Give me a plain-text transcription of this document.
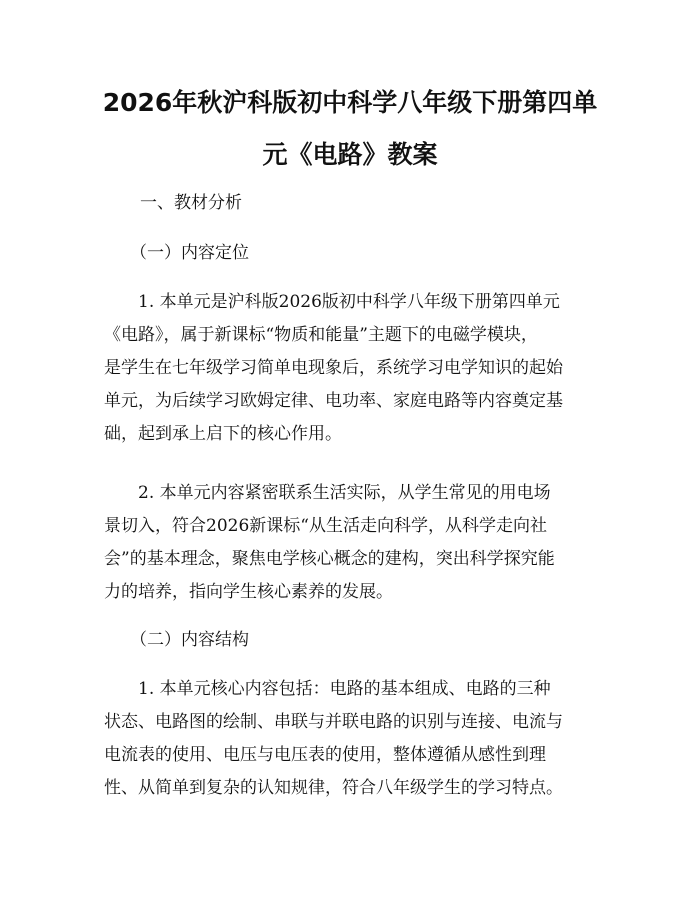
2026年秋沪科版初中科学八年级下册第四单
元《电路》教案
一、教材分析
（一）内容定位
1. 本单元是沪科版2026版初中科学八年级下册第四单元
《电路》，属于新课标“物质和能量”主题下的电磁学模块，
是学生在七年级学习简单电现象后，系统学习电学知识的起始
单元，为后续学习欧姆定律、电功率、家庭电路等内容奠定基
础，起到承上启下的核心作用。
2. 本单元内容紧密联系生活实际，从学生常见的用电场
景切入，符合2026新课标“从生活走向科学，从科学走向社
会”的基本理念，聚焦电学核心概念的建构，突出科学探究能
力的培养，指向学生核心素养的发展。
（二）内容结构
1. 本单元核心内容包括：电路的基本组成、电路的三种
状态、电路图的绘制、串联与并联电路的识别与连接、电流与
电流表的使用、电压与电压表的使用，整体遵循从感性到理
性、从简单到复杂的认知规律，符合八年级学生的学习特点。
